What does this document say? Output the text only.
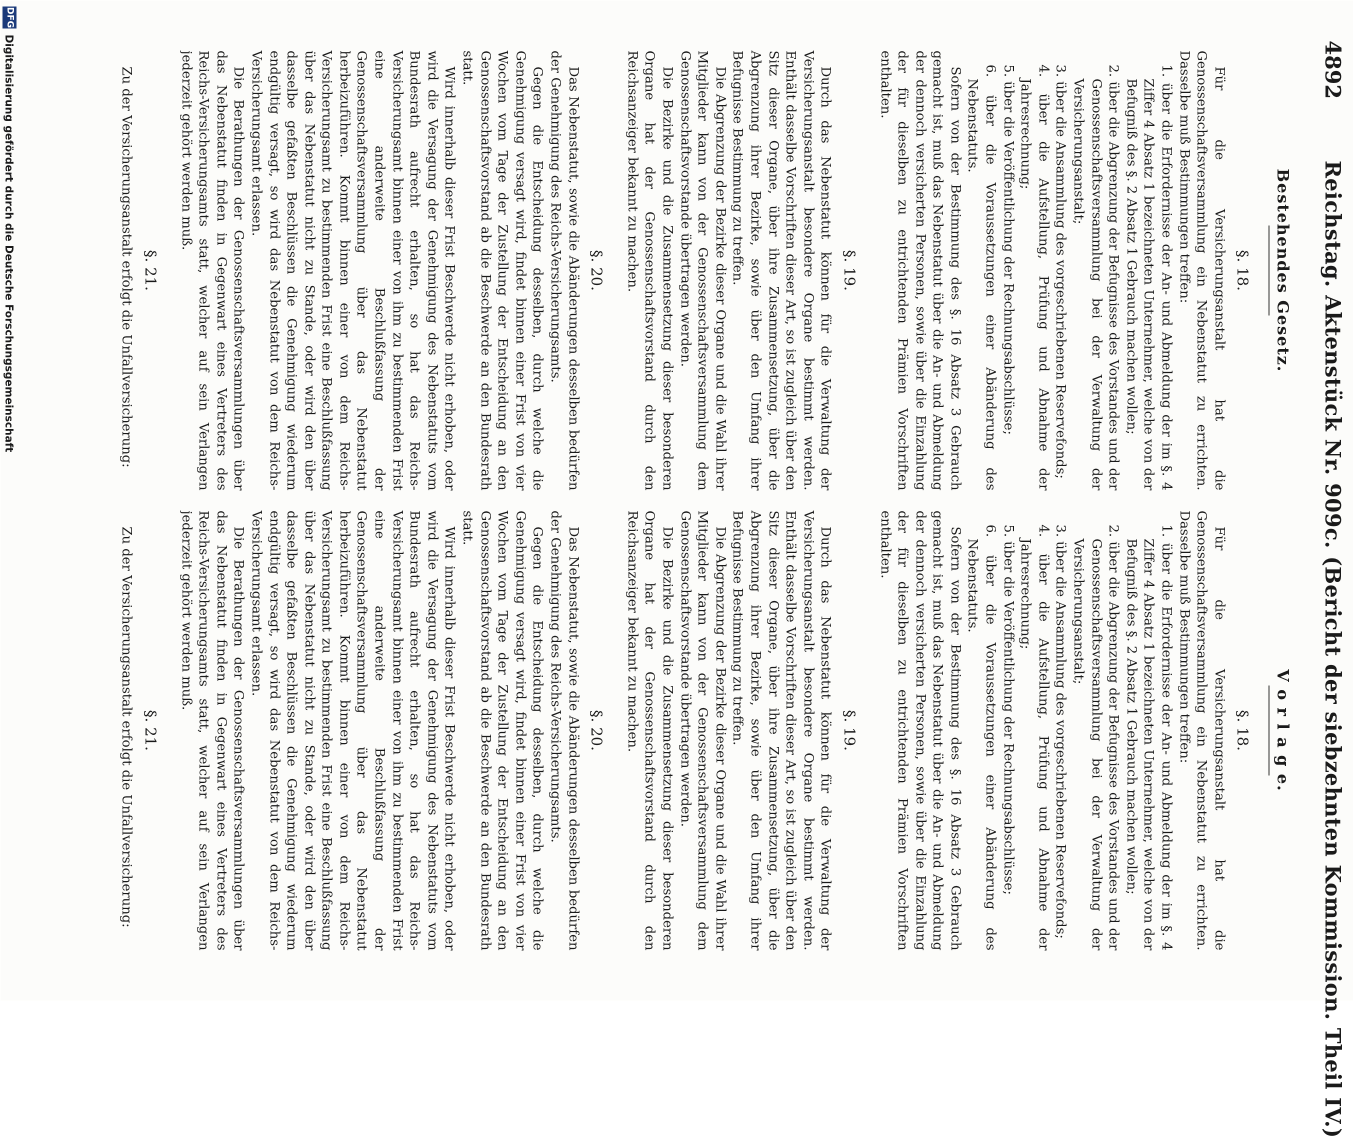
4892
Reichstag. Aktenstück Nr. 909c. (Bericht der siebzehnten Kommission. Theil IV.)
Bestehendes Gesetz.
§. 18.

Für die Versicherungsanstalt hat die Genossenschaftsversammlung ein Nebenstatut zu errichten. Dasselbe muß Bestimmungen treffen:

1. über die Erfordernisse der An- und Abmeldung der im §. 4 Ziffer 4 Absatz 1 bezeichneten Unternehmer, welche von der Befugniß des §. 2 Absatz 1 Gebrauch machen wollen;

2. über die Abgrenzung der Befugnisse des Vorstandes und der Genossenschaftsversammlung bei der Verwaltung der Versicherungsanstalt;

3. über die Ansammlung des vorgeschriebenen Reservefonds;

4. über die Aufstellung, Prüfung und Abnahme der Jahresrechnung;

5. über die Veröffentlichung der Rechnungsabschlüsse;

6. über die Voraussetzungen einer Abänderung des Nebenstatuts.

Sofern von der Bestimmung des §. 16 Absatz 3 Gebrauch gemacht ist, muß das Nebenstatut über die An- und Abmeldung der dennoch versicherten Personen, sowie über die Einzahlung der für dieselben zu entrichtenden Prämien Vorschriften enthalten.

§. 19.

Durch das Nebenstatut können für die Verwaltung der Versicherungsanstalt besondere Organe bestimmt werden. Enthält dasselbe Vorschriften dieser Art, so ist zugleich über den Sitz dieser Organe, über ihre Zusammensetzung, über die Abgrenzung ihrer Bezirke, sowie über den Umfang ihrer Befugnisse Bestimmung zu treffen.

Die Abgrenzung der Bezirke dieser Organe und die Wahl ihrer Mitglieder kann von der Genossenschaftsversammlung dem Genossenschaftsvorstande übertragen werden.

Die Bezirke und die Zusammensetzung dieser besonderen Organe hat der Genossenschaftsvorstand durch den Reichsanzeiger bekannt zu machen.

§. 20.

Das Nebenstatut, sowie die Abänderungen desselben bedürfen der Genehmigung des Reichs-Versicherungsamts.

Gegen die Entscheidung desselben, durch welche die Genehmigung versagt wird, findet binnen einer Frist von vier Wochen vom Tage der Zustellung der Entscheidung an den Genossenschaftsvorstand ab die Beschwerde an den Bundesrath statt.

Wird innerhalb dieser Frist Beschwerde nicht erhoben, oder wird die Versagung der Genehmigung des Nebenstatuts vom Bundesrath aufrecht erhalten, so hat das Reichs-Versicherungsamt binnen einer von ihm zu bestimmenden Frist eine anderweite Beschlußfassung der Genossenschaftsversammlung über das Nebenstatut herbeizuführen. Kommt binnen einer von dem Reichs-Versicherungsamt zu bestimmenden Frist eine Beschlußfassung über das Nebenstatut nicht zu Stande, oder wird den über dasselbe gefaßten Beschlüssen die Genehmigung wiederum endgültig versagt, so wird das Nebenstatut von dem Reichs-Versicherungsamt erlassen.

Die Berathungen der Genossenschaftsversammlungen über das Nebenstatut finden in Gegenwart eines Vertreters des Reichs-Versicherungsamts statt, welcher auf sein Verlangen jederzeit gehört werden muß.

§. 21.

Zu der Versicherungsanstalt erfolgt die Unfallversicherung:

V o r l a g e.
§. 18.

Für die Versicherungsanstalt hat die Genossenschaftsversammlung ein Nebenstatut zu errichten. Dasselbe muß Bestimmungen treffen:

1. über die Erfordernisse der An- und Abmeldung der im §. 4 Ziffer 4 Absatz 1 bezeichneten Unternehmer, welche von der Befugniß des §. 2 Absatz 1 Gebrauch machen wollen;

2. über die Abgrenzung der Befugnisse des Vorstandes und der Genossenschaftsversammlung bei der Verwaltung der Versicherungsanstalt;

3. über die Ansammlung des vorgeschriebenen Reservefonds;

4. über die Aufstellung, Prüfung und Abnahme der Jahresrechnung;

5. über die Veröffentlichung der Rechnungsabschlüsse;

6. über die Voraussetzungen einer Abänderung des Nebenstatuts.

Sofern von der Bestimmung des §. 16 Absatz 3 Gebrauch gemacht ist, muß das Nebenstatut über die An- und Abmeldung der dennoch versicherten Personen, sowie über die Einzahlung der für dieselben zu entrichtenden Prämien Vorschriften enthalten.

§. 19.

Durch das Nebenstatut können für die Verwaltung der Versicherungsanstalt besondere Organe bestimmt werden. Enthält dasselbe Vorschriften dieser Art, so ist zugleich über den Sitz dieser Organe, über ihre Zusammensetzung, über die Abgrenzung ihrer Bezirke, sowie über den Umfang ihrer Befugnisse Bestimmung zu treffen.

Die Abgrenzung der Bezirke dieser Organe und die Wahl ihrer Mitglieder kann von der Genossenschaftsversammlung dem Genossenschaftsvorstande übertragen werden.

Die Bezirke und die Zusammensetzung dieser besonderen Organe hat der Genossenschaftsvorstand durch den Reichsanzeiger bekannt zu machen.

§. 20.

Das Nebenstatut, sowie die Abänderungen desselben bedürfen der Genehmigung des Reichs-Versicherungsamts.

Gegen die Entscheidung desselben, durch welche die Genehmigung versagt wird, findet binnen einer Frist von vier Wochen vom Tage der Zustellung der Entscheidung an den Genossenschaftsvorstand ab die Beschwerde an den Bundesrath statt.

Wird innerhalb dieser Frist Beschwerde nicht erhoben, oder wird die Versagung der Genehmigung des Nebenstatuts vom Bundesrath aufrecht erhalten, so hat das Reichs-Versicherungsamt binnen einer von ihm zu bestimmenden Frist eine anderweite Beschlußfassung der Genossenschaftsversammlung über das Nebenstatut herbeizuführen. Kommt binnen einer von dem Reichs-Versicherungsamt zu bestimmenden Frist eine Beschlußfassung über das Nebenstatut nicht zu Stande, oder wird den über dasselbe gefaßten Beschlüssen die Genehmigung wiederum endgültig versagt, so wird das Nebenstatut von dem Reichs-Versicherungsamt erlassen.

Die Berathungen der Genossenschaftsversammlungen über das Nebenstatut finden in Gegenwart eines Vertreters des Reichs-Versicherungsamts statt, welcher auf sein Verlangen jederzeit gehört werden muß.

§. 21.

Zu der Versicherungsanstalt erfolgt die Unfallversicherung:

DFG
Digitalisierung gefördert durch die Deutsche Forschungsgemeinschaft
